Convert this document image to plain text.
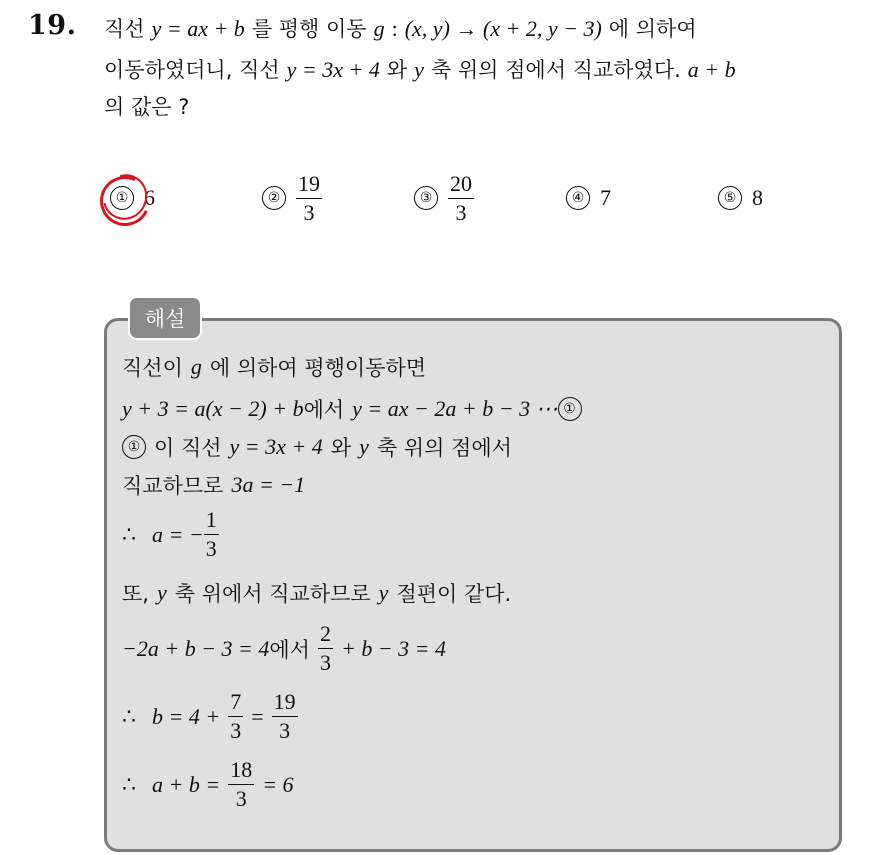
19. 직선 y = ax + b 를 평행 이동 g : (x, y) → (x + 2, y − 3) 에 의하여
이동하였더니, 직선 y = 3x + 4 와 y 축 위의 점에서 직교하였다. a + b
의 값은 ?
① 6	② $\frac{19}{3}$	③ $\frac{20}{3}$	④ 7	⑤ 8
해설
직선이 g 에 의하여 평행이동하면
y + 3 = a(x − 2) + b 에서 y = ax − 2a + b − 3 ⋯ ①
① 이 직선 y = 3x + 4 와 y 축 위의 점에서
직교하므로 3a = −1
∴ a = − $\frac{1}{3}$
또, y 축 위에서 직교하므로 y 절편이 같다.
−2a + b − 3 = 4 에서 $\frac{2}{3} + b - 3 = 4$
∴ $b = 4 + \frac{7}{3} = \frac{19}{3}$
∴ $a + b = \frac{18}{3} = 6$
